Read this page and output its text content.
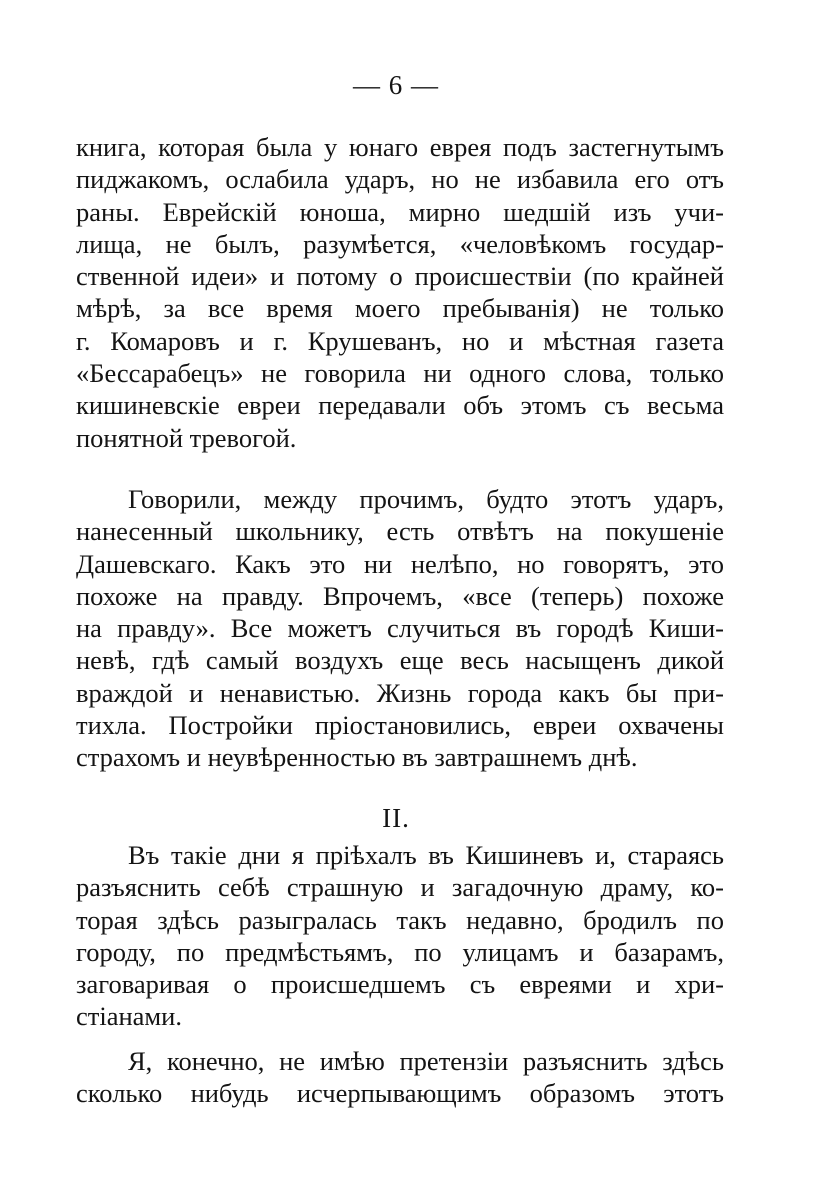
— 6 —
книга, которая была у юнаго еврея подъ застегнутымъ
пиджакомъ, ослабила ударъ, но не избавила его отъ
раны. Еврейскій юноша, мирно шедшій изъ учи-
лища, не былъ, разумѣется, «человѣкомъ государ-
ственной идеи» и потому о происшествіи (по крайней
мѣрѣ, за все время моего пребыванія) не только
г. Комаровъ и г. Крушеванъ, но и мѣстная газета
«Бессарабецъ» не говорила ни одного слова, только
кишиневскіе евреи передавали объ этомъ съ весьма
понятной тревогой.
Говорили, между прочимъ, будто этотъ ударъ,
нанесенный школьнику, есть отвѣтъ на покушеніе
Дашевскаго. Какъ это ни нелѣпо, но говорятъ, это
похоже на правду. Впрочемъ, «все (теперь) похоже
на правду». Все можетъ случиться въ городѣ Киши-
невѣ, гдѣ самый воздухъ еще весь насыщенъ дикой
враждой и ненавистью. Жизнь города какъ бы при-
тихла. Постройки пріостановились, евреи охвачены
страхомъ и неувѣренностью въ завтрашнемъ днѣ.
II.
Въ такіе дни я пріѣхалъ въ Кишиневъ и, стараясь
разъяснить себѣ страшную и загадочную драму, ко-
торая здѣсь разыгралась такъ недавно, бродилъ по
городу, по предмѣстьямъ, по улицамъ и базарамъ,
заговаривая о происшедшемъ съ евреями и хри-
стіанами.
Я, конечно, не имѣю претензіи разъяснить здѣсь
сколько нибудь исчерпывающимъ образомъ этотъ
